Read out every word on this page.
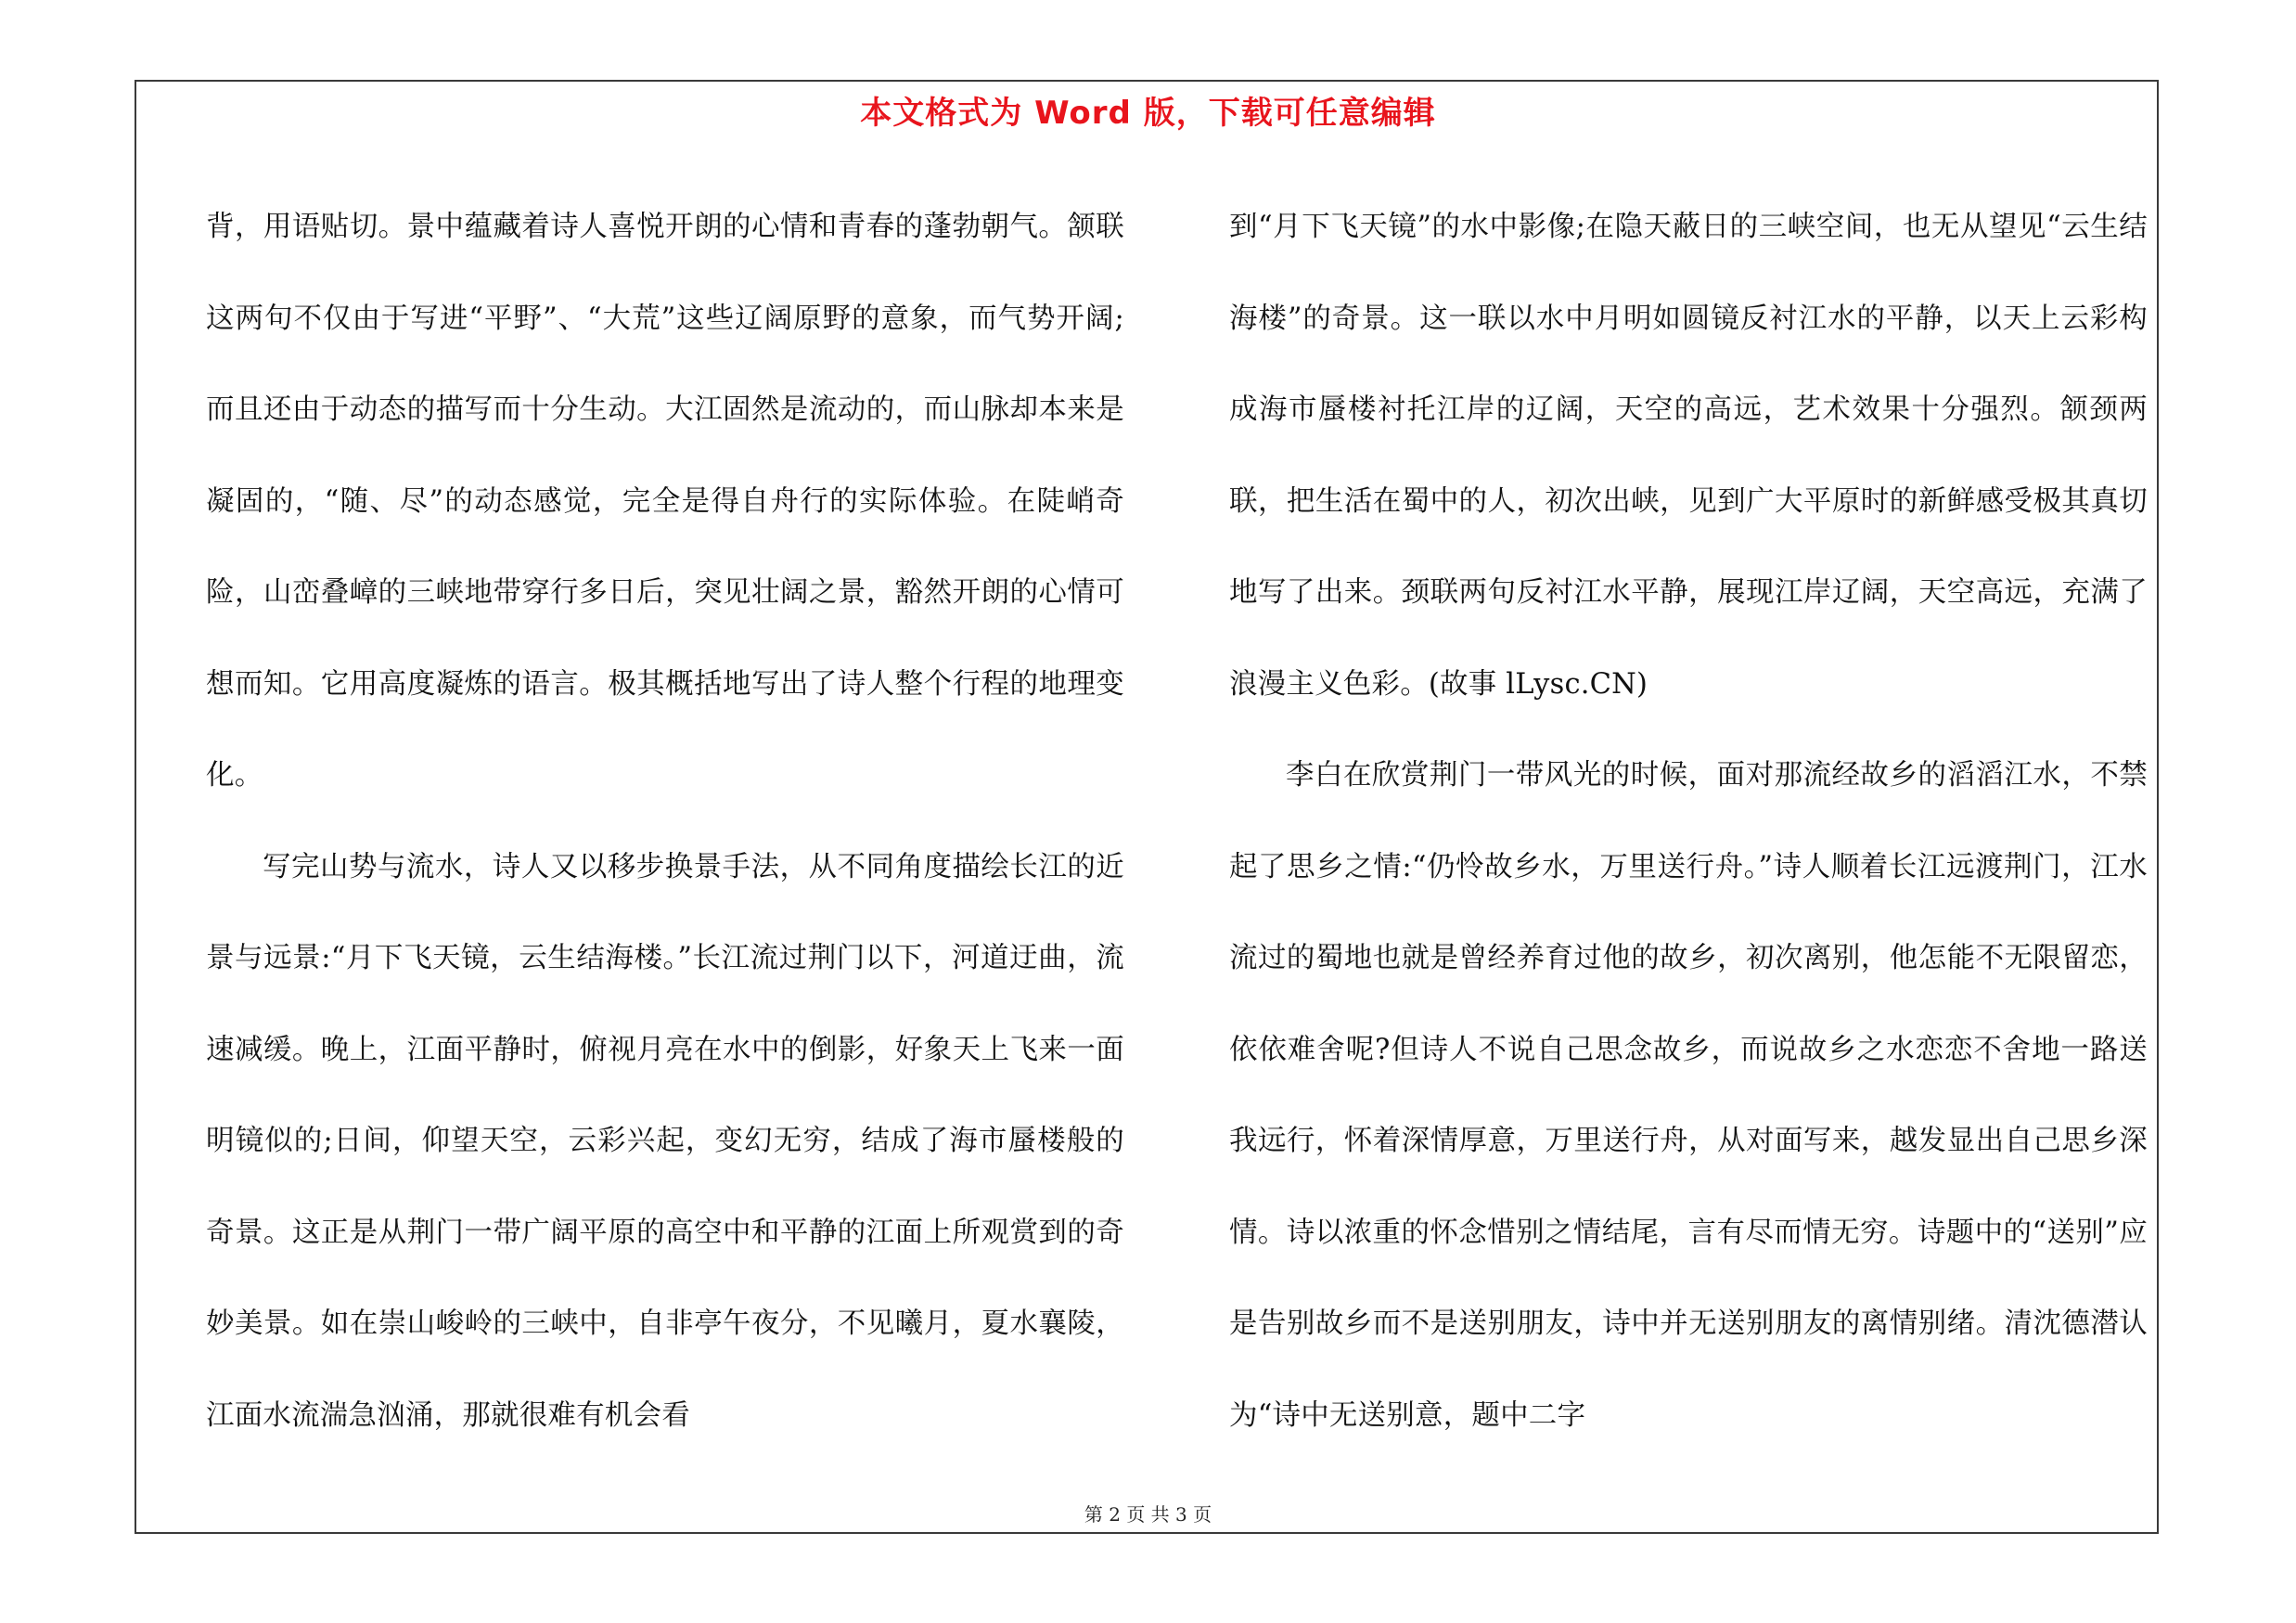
本文格式为 Word 版，下载可任意编辑

背，用语贴切。景中蕴藏着诗人喜悦开朗的心情和青春的蓬勃朝气。颔联这两句不仅由于写进“平野”、“大荒”这些辽阔原野的意象，而气势开阔;而且还由于动态的描写而十分生动。大江固然是流动的，而山脉却本来是凝固的，“随、尽”的动态感觉，完全是得自舟行的实际体验。在陡峭奇险，山峦叠嶂的三峡地带穿行多日后，突见壮阔之景，豁然开朗的心情可想而知。它用高度凝炼的语言。极其概括地写出了诗人整个行程的地理变化。

写完山势与流水，诗人又以移步换景手法，从不同角度描绘长江的近景与远景:“月下飞天镜，云生结海楼。”长江流过荆门以下，河道迂曲，流速减缓。晚上，江面平静时，俯视月亮在水中的倒影，好象天上飞来一面明镜似的;日间，仰望天空，云彩兴起，变幻无穷，结成了海市蜃楼般的奇景。这正是从荆门一带广阔平原的高空中和平静的江面上所观赏到的奇妙美景。如在崇山峻岭的三峡中，自非亭午夜分，不见曦月，夏水襄陵，江面水流湍急汹涌，那就很难有机会看

到“月下飞天镜”的水中影像;在隐天蔽日的三峡空间，也无从望见“云生结海楼”的奇景。这一联以水中月明如圆镜反衬江水的平静，以天上云彩构成海市蜃楼衬托江岸的辽阔，天空的高远，艺术效果十分强烈。颔颈两联，把生活在蜀中的人，初次出峡，见到广大平原时的新鲜感受极其真切地写了出来。颈联两句反衬江水平静，展现江岸辽阔，天空高远，充满了浪漫主义色彩。(故事 lLysc.CN)

李白在欣赏荆门一带风光的时候，面对那流经故乡的滔滔江水，不禁起了思乡之情:“仍怜故乡水，万里送行舟。”诗人顺着长江远渡荆门，江水流过的蜀地也就是曾经养育过他的故乡，初次离别，他怎能不无限留恋，依依难舍呢?但诗人不说自己思念故乡，而说故乡之水恋恋不舍地一路送我远行，怀着深情厚意，万里送行舟，从对面写来，越发显出自己思乡深情。诗以浓重的怀念惜别之情结尾，言有尽而情无穷。诗题中的“送别”应是告别故乡而不是送别朋友，诗中并无送别朋友的离情别绪。清沈德潜认为“诗中无送别意，题中二字

第 2 页 共 3 页
